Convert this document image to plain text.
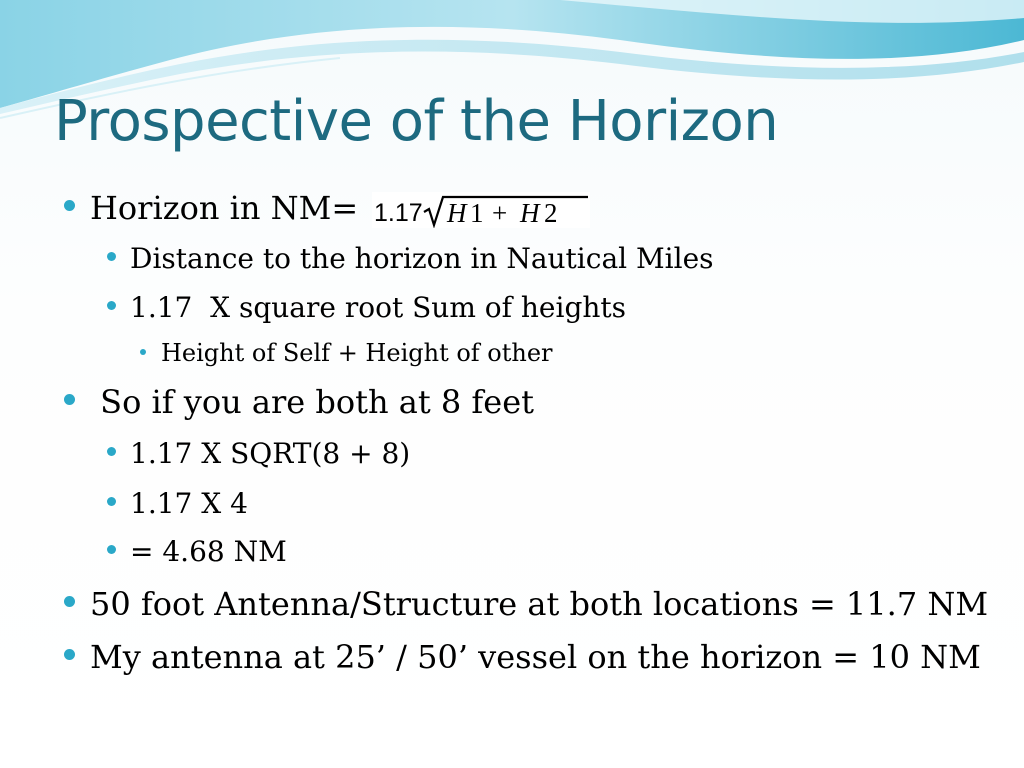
Prospective of the Horizon
Horizon in NM= 1.17 H 1 + H 2
Distance to the horizon in Nautical Miles
1.17  X square root Sum of heights
Height of Self + Height of other
So if you are both at 8 feet
1.17 X SQRT(8 + 8)
1.17 X 4
= 4.68 NM
50 foot Antenna/Structure at both locations = 11.7 NM
My antenna at 25’ / 50’ vessel on the horizon = 10 NM
